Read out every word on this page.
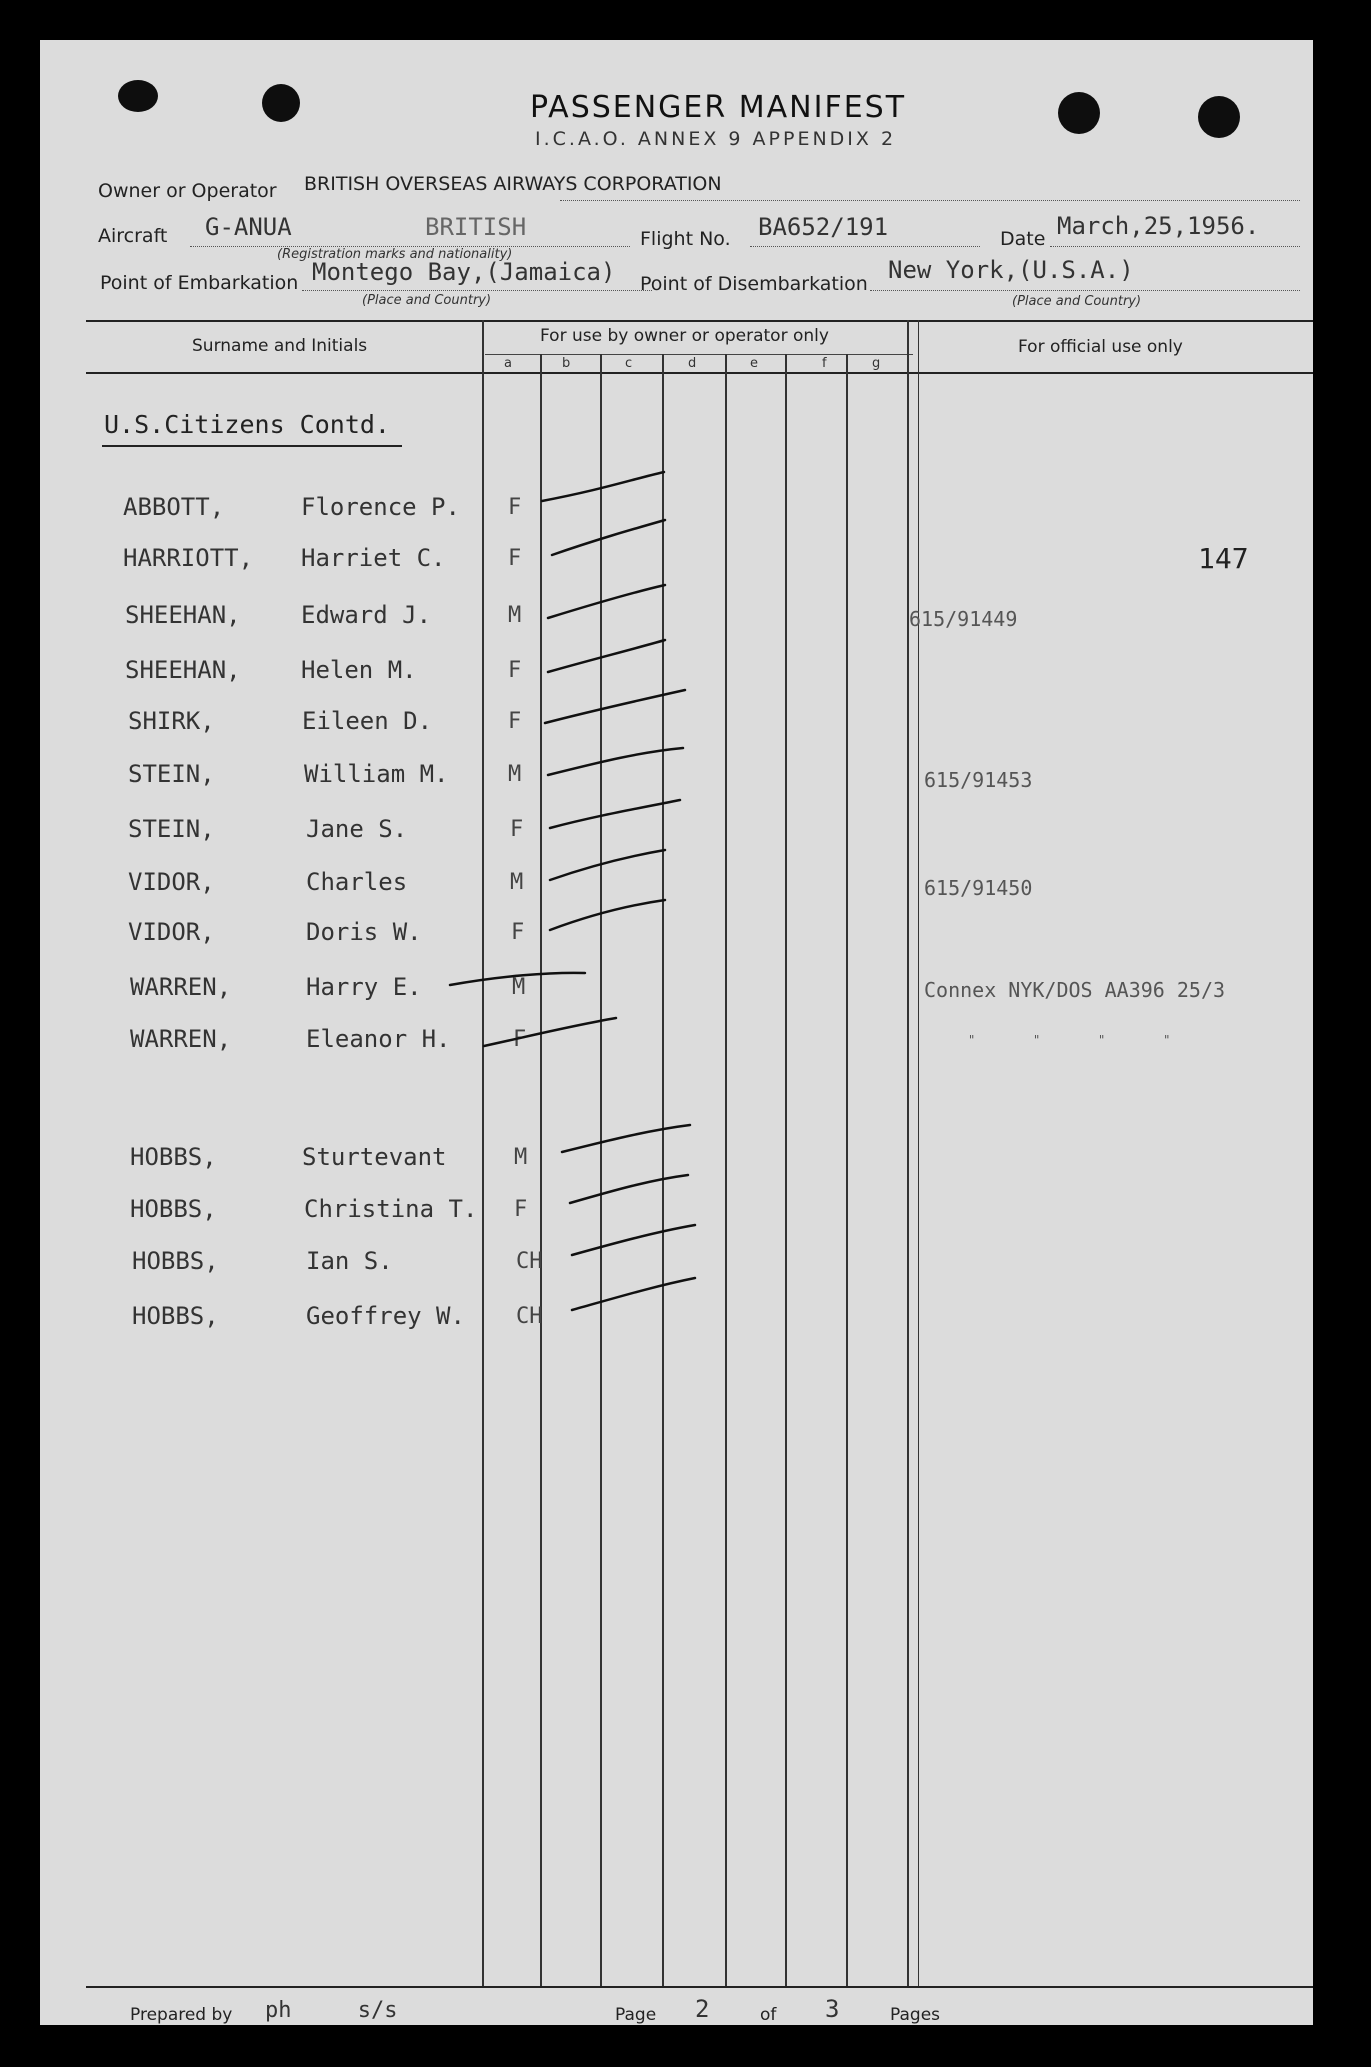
PASSENGER MANIFEST
I.C.A.O. ANNEX 9 APPENDIX 2
Owner or Operator BRITISH OVERSEAS AIRWAYS CORPORATION
Aircraft G-ANUA	BRITISH
(Registration marks and nationality)
Flight No. BA652/191	Date March,25,1956.
Point of Embarkation Montego Bay,(Jamaica)
(Place and Country)
Point of Disembarkation New York,(U.S.A.)
(Place and Country)
Surname and Initials	For use by owner or operator only
For official use only
a	b	c	d	e	f	g
U.S.Citizens Contd.
147
ABBOTT,	Florence P. F
HARRIOTT, Harriet C.	F
SHEEHAN,	Edward J.	M	615/91449
SHEEHAN,	Helen M.	F
SHIRK,	Eileen D.	F
STEIN,	William M.	M	615/91453
STEIN,	Jane S.	F
VIDOR,	Charles	M	615/91450
VIDOR,	Doris W.	F
WARREN,	Harry E.	M	Connex NYK/DOS AA396 25/3
WARREN,	Eleanor H.	F	"        "        "        "
HOBBS,	Sturtevant	M
HOBBS,	Christina T. F
HOBBS,	Ian S.	CH
HOBBS,	Geoffrey W. CH
Prepared by ph     s/s	Page 2	of 3	Pages
